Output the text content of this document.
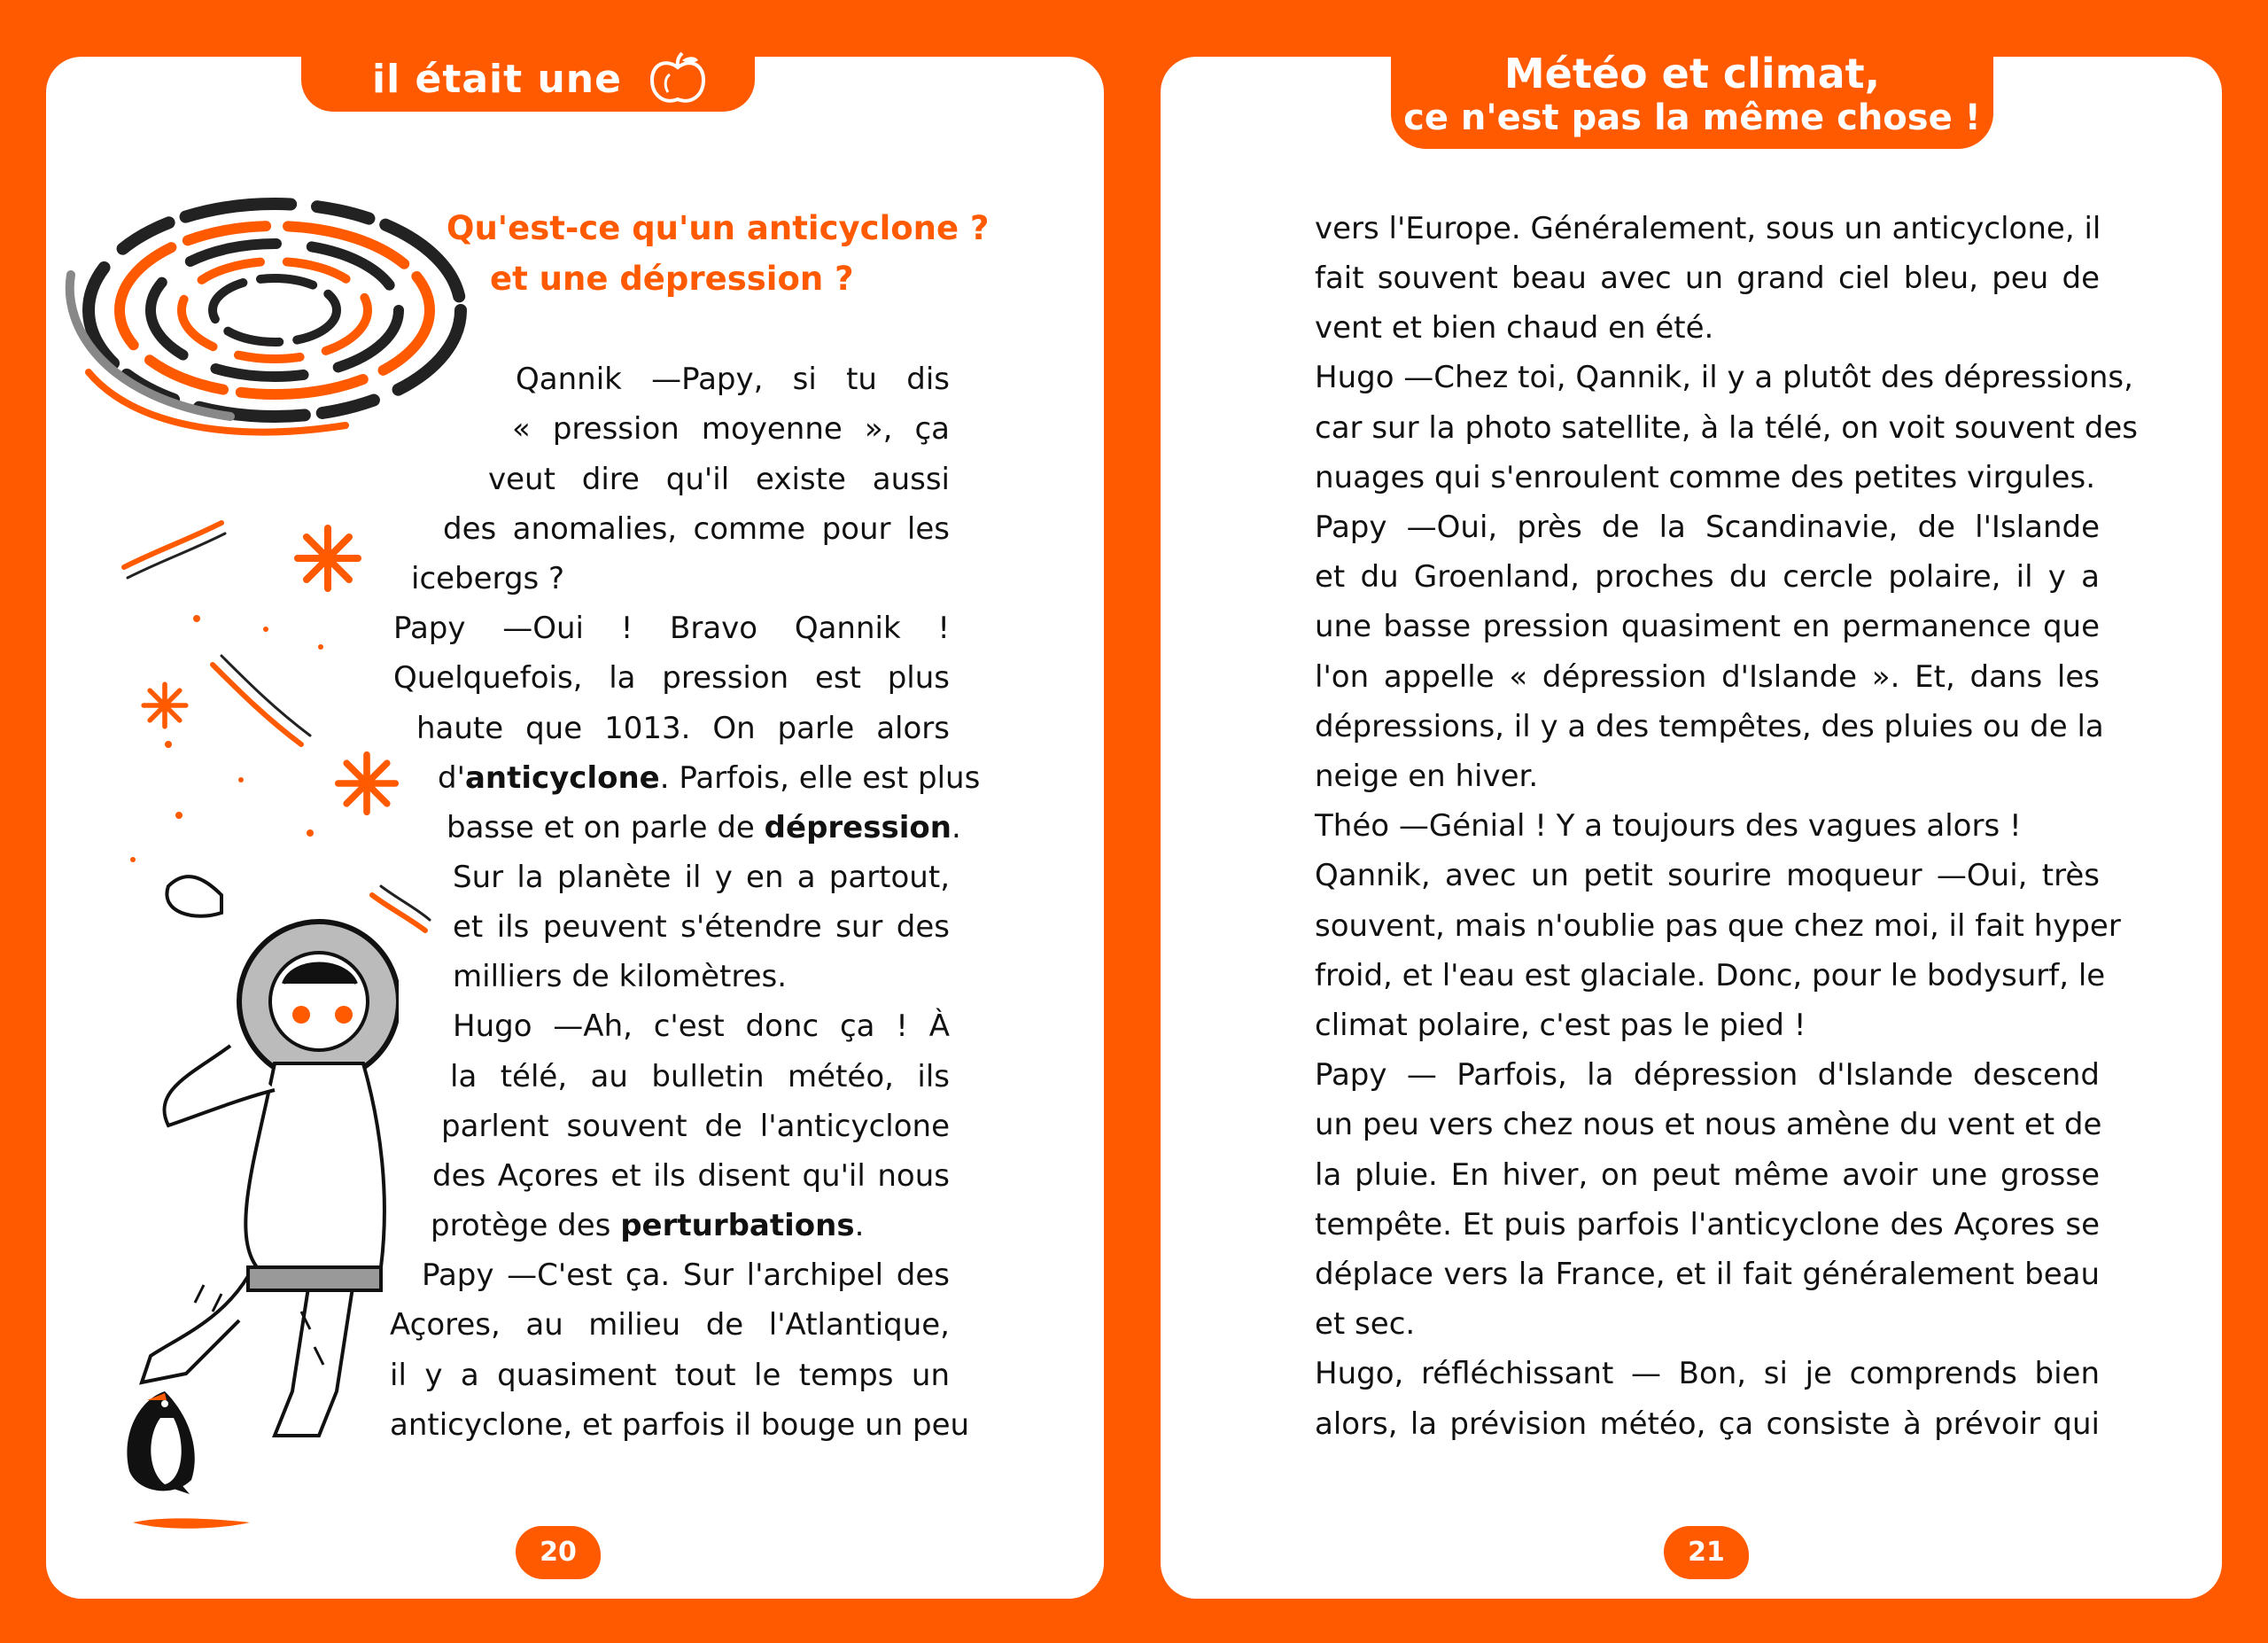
il était une	Météo et climat,
ce n'est pas la même chose !
Qu'est-ce qu'un anticyclone ?
et une dépression ?
Qannik —Papy, si tu dis
« pression moyenne », ça
veut dire qu'il existe aussi
des anomalies, comme pour les
icebergs ?
Papy —Oui ! Bravo Qannik !
Quelquefois, la pression est plus
haute que 1013. On parle alors
d'anticyclone. Parfois, elle est plus
basse et on parle de dépression.
Sur la planète il y en a partout,
et ils peuvent s'étendre sur des
milliers de kilomètres.
Hugo —Ah, c'est donc ça ! À
la télé, au bulletin météo, ils
parlent souvent de l'anticyclone
des Açores et ils disent qu'il nous
protège des perturbations.
Papy —C'est ça. Sur l'archipel des
Açores, au milieu de l'Atlantique,
il y a quasiment tout le temps un
anticyclone, et parfois il bouge un peu
vers l'Europe. Généralement, sous un anticyclone, il
fait souvent beau avec un grand ciel bleu, peu de
vent et bien chaud en été.
Hugo —Chez toi, Qannik, il y a plutôt des dépressions,
car sur la photo satellite, à la télé, on voit souvent des
nuages qui s'enroulent comme des petites virgules.
Papy —Oui, près de la Scandinavie, de l'Islande
et du Groenland, proches du cercle polaire, il y a
une basse pression quasiment en permanence que
l'on appelle « dépression d'Islande ». Et, dans les
dépressions, il y a des tempêtes, des pluies ou de la
neige en hiver.
Théo —Génial ! Y a toujours des vagues alors !
Qannik, avec un petit sourire moqueur —Oui, très
souvent, mais n'oublie pas que chez moi, il fait hyper
froid, et l'eau est glaciale. Donc, pour le bodysurf, le
climat polaire, c'est pas le pied !
Papy — Parfois, la dépression d'Islande descend
un peu vers chez nous et nous amène du vent et de
la pluie. En hiver, on peut même avoir une grosse
tempête. Et puis parfois l'anticyclone des Açores se
déplace vers la France, et il fait généralement beau
et sec.
Hugo, réfléchissant — Bon, si je comprends bien
alors, la prévision météo, ça consiste à prévoir qui
20	21
